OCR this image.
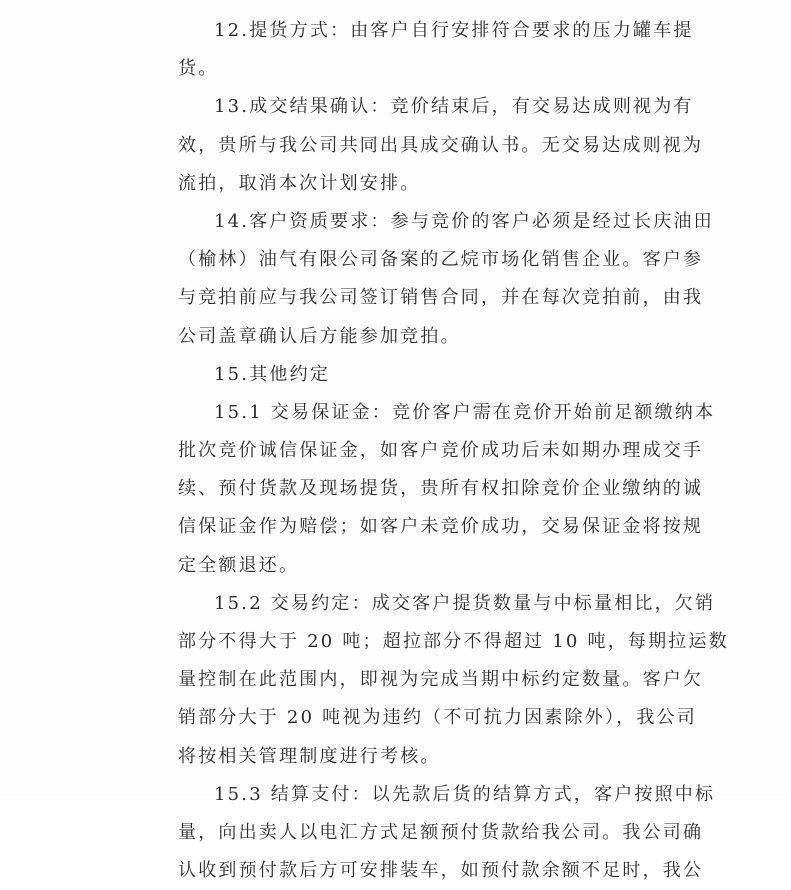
12.提货方式：由客户自行安排符合要求的压力罐车提
货。
13.成交结果确认：竞价结束后，有交易达成则视为有
效，贵所与我公司共同出具成交确认书。无交易达成则视为
流拍，取消本次计划安排。
14.客户资质要求：参与竞价的客户必须是经过长庆油田
（榆林）油气有限公司备案的乙烷市场化销售企业。客户参
与竞拍前应与我公司签订销售合同，并在每次竞拍前，由我
公司盖章确认后方能参加竞拍。
15.其他约定
15.1 交易保证金：竞价客户需在竞价开始前足额缴纳本
批次竞价诚信保证金，如客户竞价成功后未如期办理成交手
续、预付货款及现场提货，贵所有权扣除竞价企业缴纳的诚
信保证金作为赔偿；如客户未竞价成功，交易保证金将按规
定全额退还。
15.2 交易约定：成交客户提货数量与中标量相比，欠销
部分不得大于 20 吨；超拉部分不得超过 10 吨，每期拉运数
量控制在此范围内，即视为完成当期中标约定数量。客户欠
销部分大于 20 吨视为违约（不可抗力因素除外），我公司
将按相关管理制度进行考核。
15.3 结算支付：以先款后货的结算方式，客户按照中标
量，向出卖人以电汇方式足额预付货款给我公司。我公司确
认收到预付款后方可安排装车，如预付款余额不足时，我公
